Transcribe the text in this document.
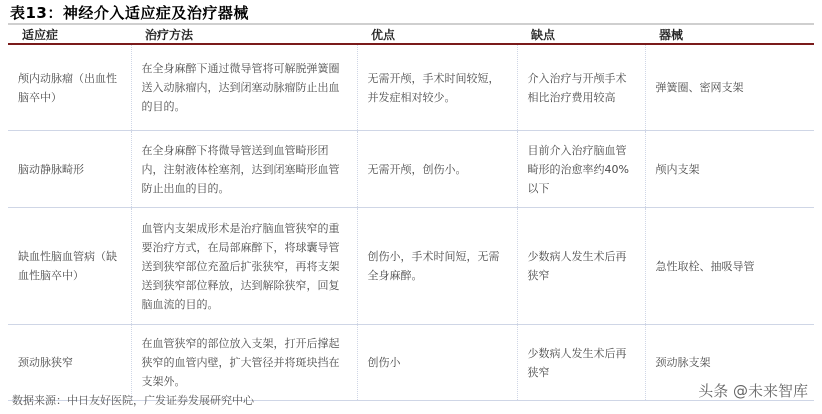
表13：神经介入适应症及治疗器械
适应症	治疗方法	优点	缺点	器械
颅内动脉瘤（出血性脑卒中）	在全身麻醉下通过微导管将可解脱弹簧圈送入动脉瘤内，达到闭塞动脉瘤防止出血的目的。	无需开颅，手术时间较短，并发症相对较少。	介入治疗与开颅手术相比治疗费用较高	弹簧圈、密网支架
脑动静脉畸形	在全身麻醉下将微导管送到血管畸形团内，注射液体栓塞剂，达到闭塞畸形血管防止出血的目的。	无需开颅，创伤小。	目前介入治疗脑血管畸形的治愈率约40%以下	颅内支架
缺血性脑血管病（缺血性脑卒中）	血管内支架成形术是治疗脑血管狭窄的重要治疗方式，在局部麻醉下，将球囊导管送到狭窄部位充盈后扩张狭窄，再将支架送到狭窄部位释放，达到解除狭窄，回复脑血流的目的。	创伤小，手术时间短，无需全身麻醉。	少数病人发生术后再狭窄	急性取栓、抽吸导管
颈动脉狭窄	在血管狭窄的部位放入支架，打开后撑起狭窄的血管内壁，扩大管径并将斑块挡在支架外。	创伤小	少数病人发生术后再狭窄	颈动脉支架
数据来源：中日友好医院，广发证券发展研究中心
头条 @未来智库
